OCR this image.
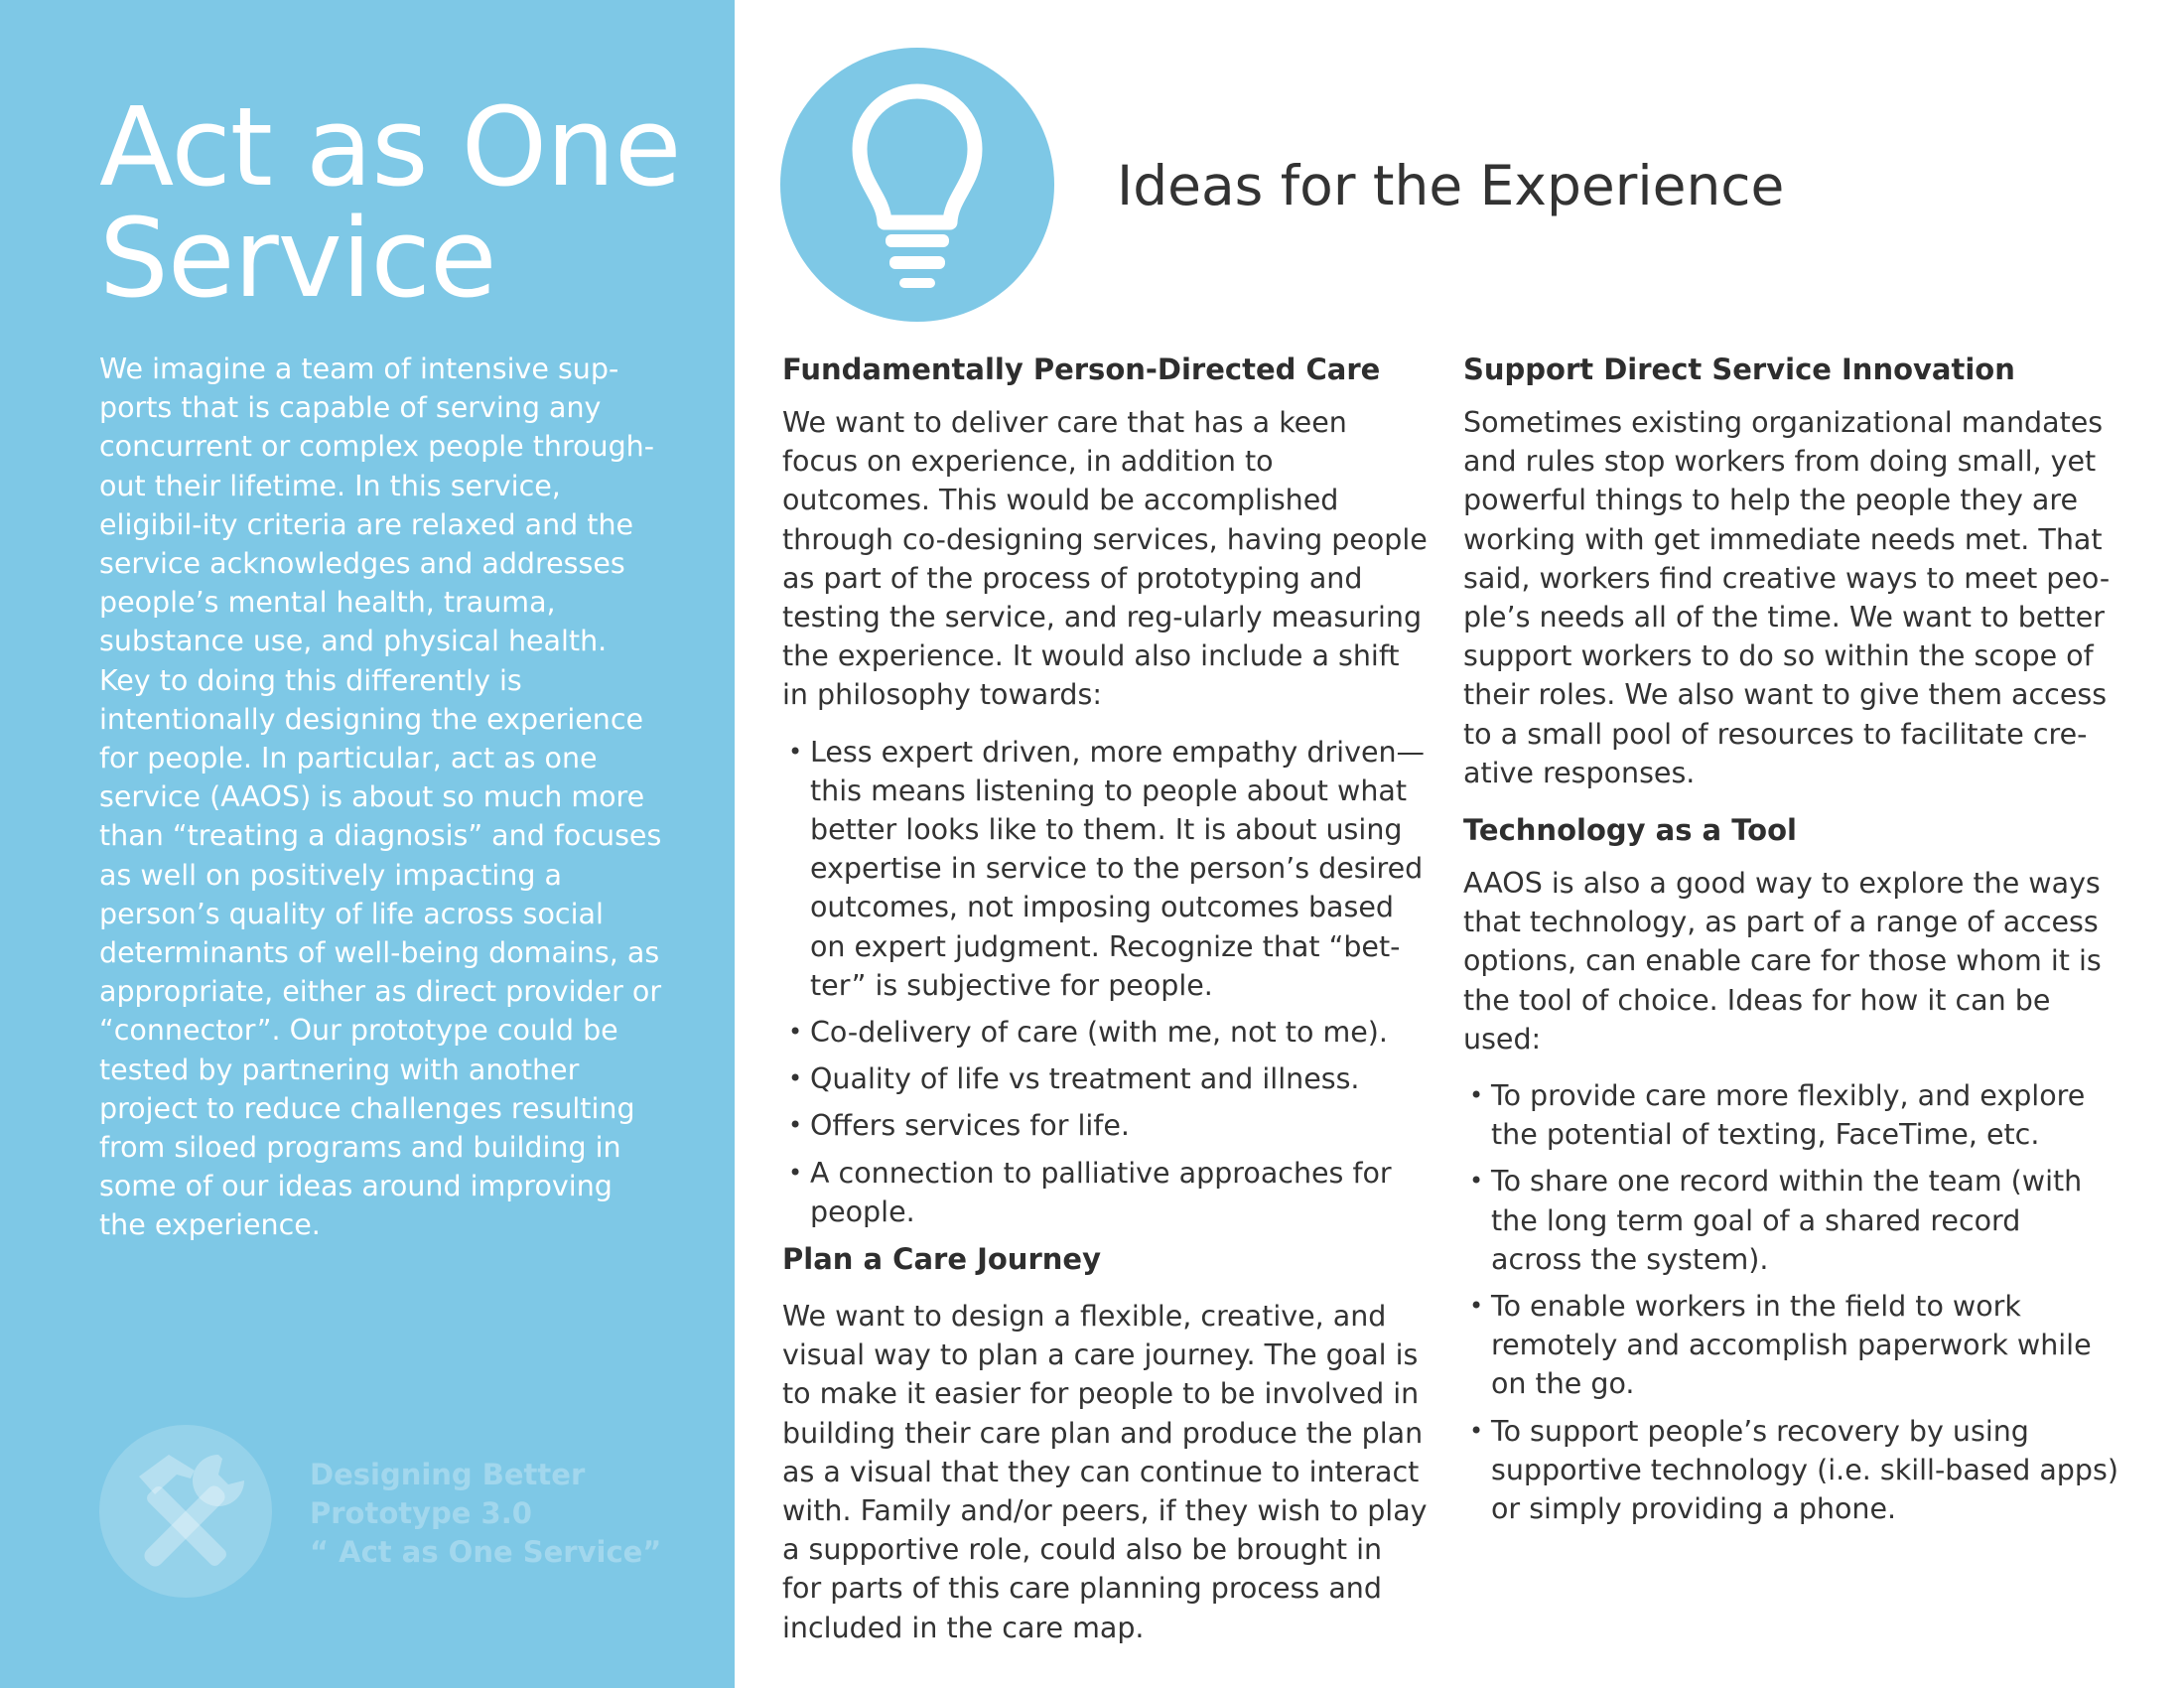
Act as One
Service

We imagine a team of intensive sup-ports that is capable of serving any concurrent or complex people through-out their lifetime. In this service, eligibil-ity criteria are relaxed and the service acknowledges and addresses people’s mental health, trauma, substance use, and physical health. Key to doing this differently is intentionally designing the experience for people. In particular, act as one service (AAOS) is about so much more than “treating a diagnosis” and focuses as well on positively impacting a person’s quality of life across social determinants of well-being domains, as appropriate, either as direct provider or “connector”. Our prototype could be tested by partnering with another project to reduce challenges resulting from siloed programs and building in some of our ideas around improving the experience.

Designing Better
Prototype 3.0
“ Act as One Service”
Ideas for the Experience
Fundamentally Person-Directed Care

We want to deliver care that has a keen focus on experience, in addition to outcomes. This would be accomplished through co-designing services, having people as part of the process of prototyping and testing the service, and reg-ularly measuring the experience. It would also include a shift in philosophy towards:

• Less expert driven, more empathy driven—this means listening to people about what better looks like to them. It is about using expertise in service to the person’s desired outcomes, not imposing outcomes based on expert judgment. Recognize that “bet-ter” is subjective for people.
• Co-delivery of care (with me, not to me).
• Quality of life vs treatment and illness.
• Offers services for life.
• A connection to palliative approaches for people.
Plan a Care Journey

We want to design a flexible, creative, and visual way to plan a care journey. The goal is to make it easier for people to be involved in building their care plan and produce the plan as a visual that they can continue to interact with. Family and/or peers, if they wish to play a supportive role, could also be brought in for parts of this care planning process and included in the care map.

Support Direct Service Innovation

Sometimes existing organizational mandates and rules stop workers from doing small, yet powerful things to help the people they are working with get immediate needs met. That said, workers find creative ways to meet peo-ple’s needs all of the time. We want to better support workers to do so within the scope of their roles. We also want to give them access to a small pool of resources to facilitate cre-ative responses.

Technology as a Tool

AAOS is also a good way to explore the ways that technology, as part of a range of access options, can enable care for those whom it is the tool of choice. Ideas for how it can be used:

• To provide care more flexibly, and explore the potential of texting, FaceTime, etc.
• To share one record within the team (with the long term goal of a shared record across the system).
• To enable workers in the field to work remotely and accomplish paperwork while on the go.
• To support people’s recovery by using supportive technology (i.e. skill-based apps) or simply providing a phone.
